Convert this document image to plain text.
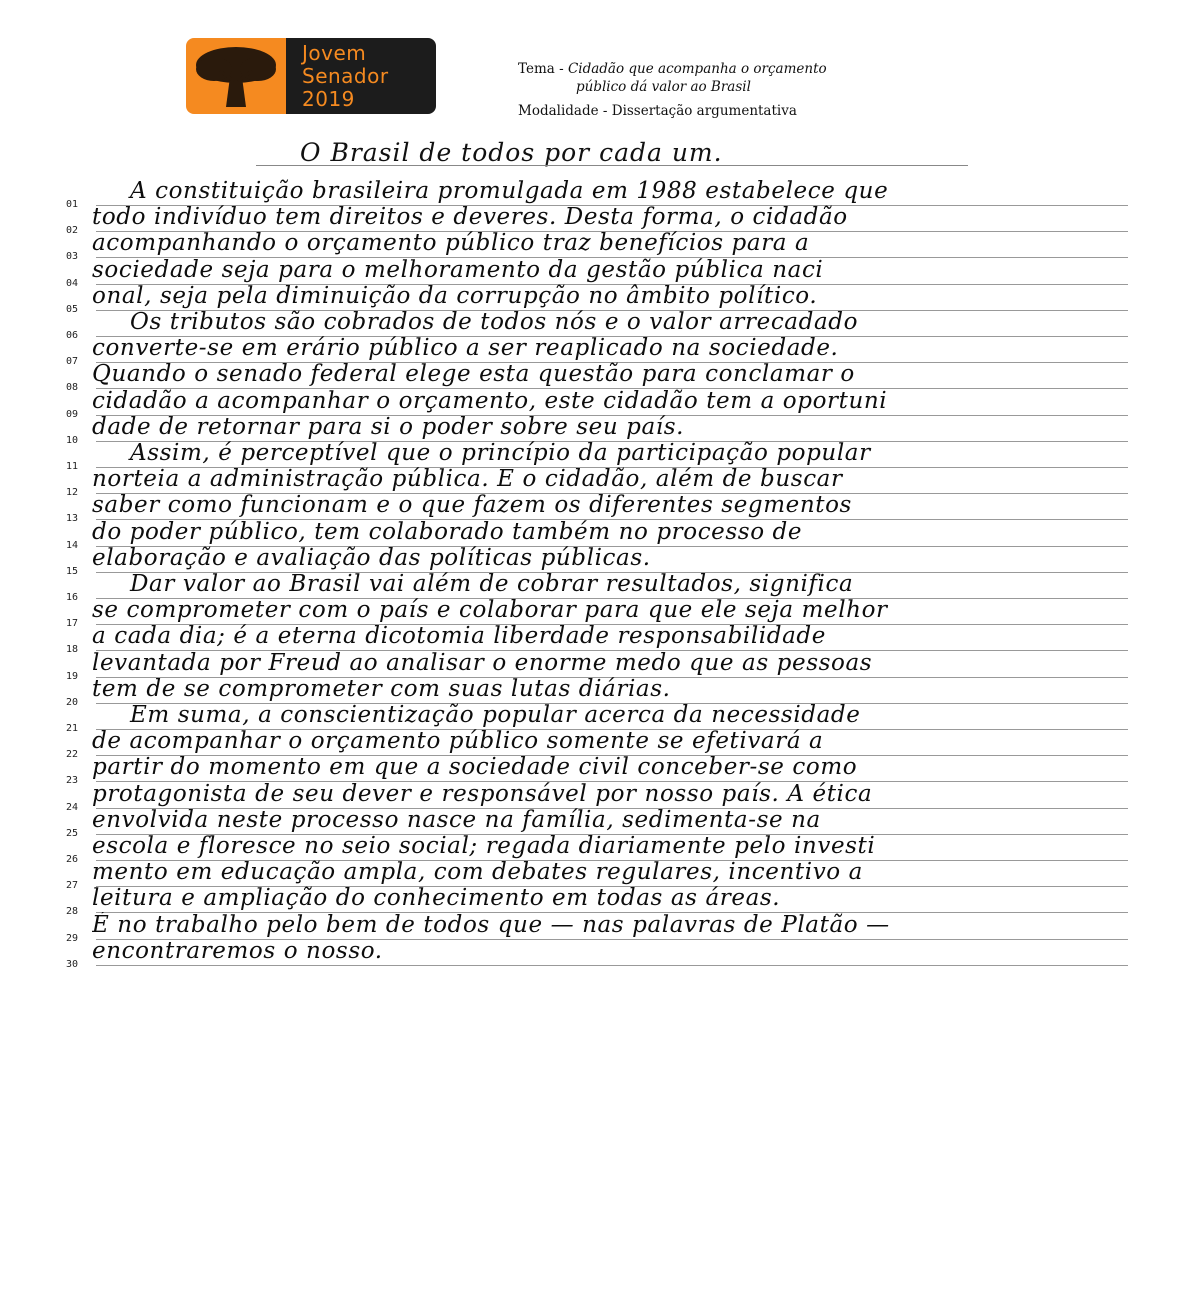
Jovem
Senador
2019
Tema - Cidadão que acompanha o orçamento
público dá valor ao Brasil
Modalidade - Dissertação argumentativa
O Brasil de todos por cada um.
01
A constituição brasileira promulgada em 1988 estabelece que
02
todo indivíduo tem direitos e deveres. Desta forma, o cidadão
03
acompanhando o orçamento público traz benefícios para a
04
sociedade seja para o melhoramento da gestão pública naci
05
onal, seja pela diminuição da corrupção no âmbito político.
06
Os tributos são cobrados de todos nós e o valor arrecadado
07
converte-se em erário público a ser reaplicado na sociedade.
08
Quando o senado federal elege esta questão para conclamar o
09
cidadão a acompanhar o orçamento, este cidadão tem a oportuni
10
dade de retornar para si o poder sobre seu país.
11
Assim, é perceptível que o princípio da participação popular
12
norteia a administração pública. E o cidadão, além de buscar
13
saber como funcionam e o que fazem os diferentes segmentos
14
do poder público, tem colaborado também no processo de
15
elaboração e avaliação das políticas públicas.
16
Dar valor ao Brasil vai além de cobrar resultados, significa
17
se comprometer com o país e colaborar para que ele seja melhor
18
a cada dia; é a eterna dicotomia liberdade responsabilidade
19
levantada por Freud ao analisar o enorme medo que as pessoas
20
tem de se comprometer com suas lutas diárias.
21
Em suma, a conscientização popular acerca da necessidade
22
de acompanhar o orçamento público somente se efetivará a
23
partir do momento em que a sociedade civil conceber-se como
24
protagonista de seu dever e responsável por nosso país. A ética
25
envolvida neste processo nasce na família, sedimenta-se na
26
escola e floresce no seio social; regada diariamente pelo investi
27
mento em educação ampla, com debates regulares, incentivo a
28
leitura e ampliação do conhecimento em todas as áreas.
29
É no trabalho pelo bem de todos que — nas palavras de Platão —
30
encontraremos o nosso.
